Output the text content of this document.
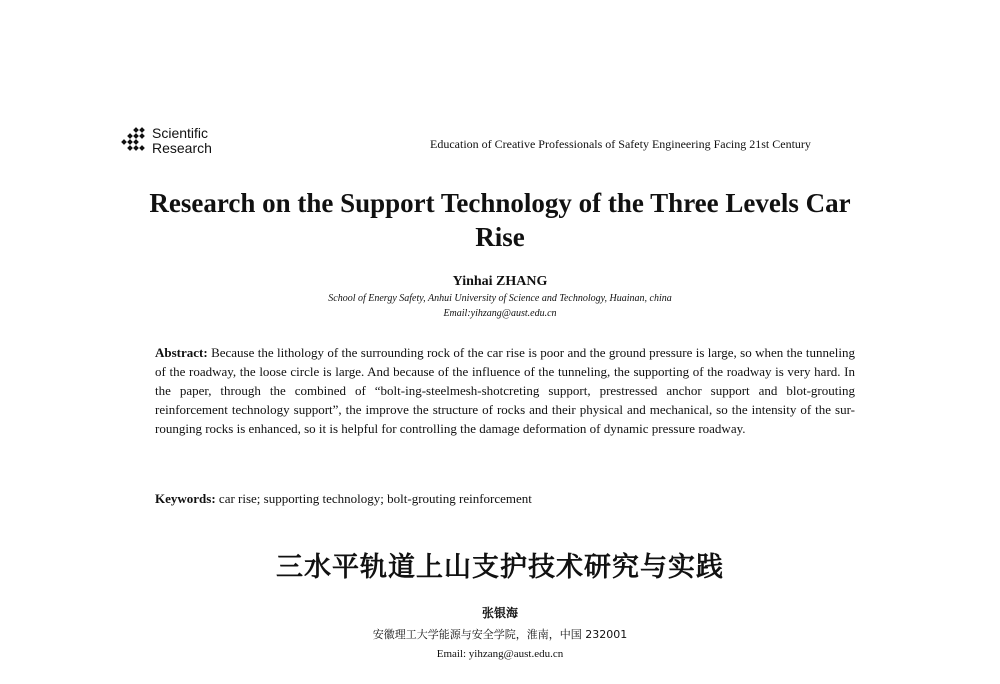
Scientific
Research	Education of Creative Professionals of Safety Engineering Facing 21st Century
Research on the Support Technology of the Three Levels Car Rise
Yinhai ZHANG
School of Energy Safety, Anhui University of Science and Technology, Huainan, china
Email:yihzang@aust.edu.cn
Abstract: Because the lithology of the surrounding rock of the car rise is poor and the ground pressure is large, so when the tunneling of the roadway, the loose circle is large. And because of the influence of the tunneling, the supporting of the roadway is very hard. In the paper, through the combined of “bolt-ing-steelmesh-shotcreting support, prestressed anchor support and blot-grouting reinforcement technology support”, the improve the structure of rocks and their physical and mechanical, so the intensity of the sur-rounging rocks is enhanced, so it is helpful for controlling the damage deformation of dynamic pressure roadway.
Keywords: car rise; supporting technology; bolt-grouting reinforcement
三水平轨道上山支护技术研究与实践
张银海
安徽理工大学能源与安全学院，淮南，中国 232001
Email: yihzang@aust.edu.cn
